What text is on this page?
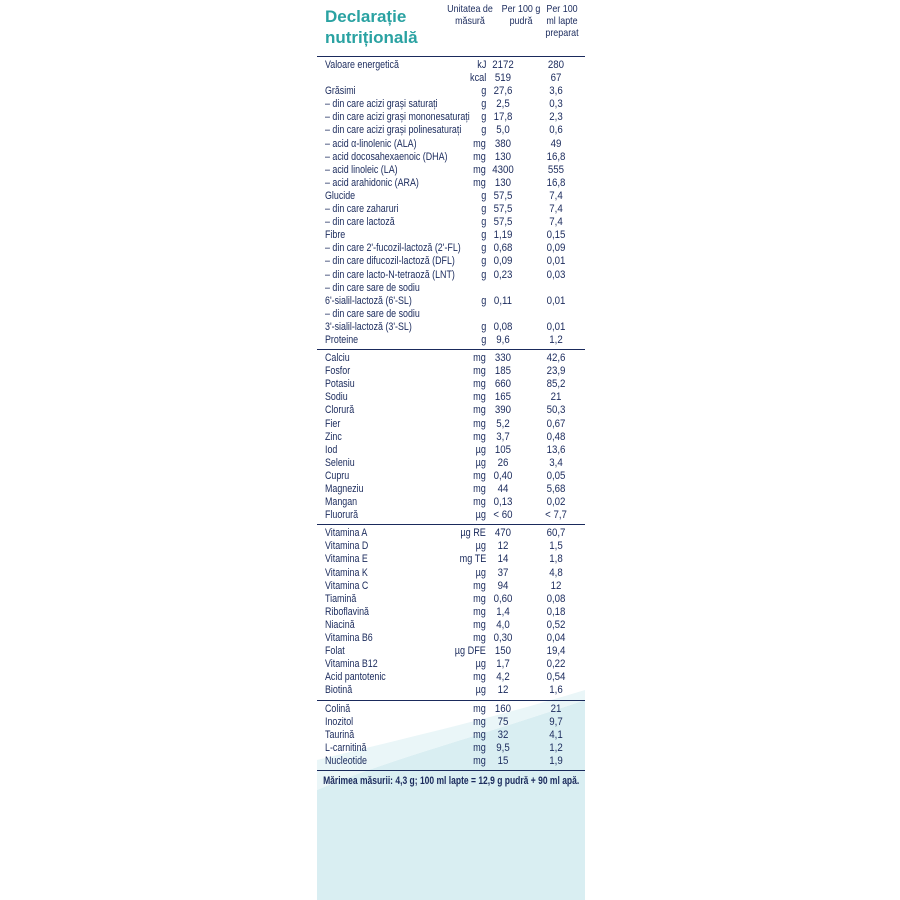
Declarație nutrițională
Unitatea de măsură
Per 100 g pudră
Per 100 ml lapte preparat
Valoare energetică	kJ 2172	280
kcal 519	67
Grăsimi	g 27,6	3,6
– din care acizi grași saturați	g 2,5	0,3
– din care acizi grași mononesaturați g 17,8	2,3
– din care acizi grași polinesaturați g 5,0	0,6
– acid α-linolenic (ALA)	mg 380	49
– acid docosahexaenoic (DHA) mg 130	16,8
– acid linoleic (LA)	mg 4300	555
– acid arahidonic (ARA)	mg 130	16,8
Glucide	g 57,5	7,4
– din care zaharuri	g 57,5	7,4
– din care lactoză	g 57,5	7,4
Fibre	g 1,19	0,15
– din care 2'-fucozil-lactoză (2'-FL) g 0,68	0,09
– din care difucozil-lactoză (DFL) g 0,09	0,01
– din care lacto-N-tetraoză (LNT) g 0,23	0,03
– din care sare de sodiu
6'-sialil-lactoză (6'-SL)	g 0,11	0,01
– din care sare de sodiu
3'-sialil-lactoză (3'-SL)	g 0,08	0,01
Proteine	g 9,6	1,2
Calciu	mg 330	42,6
Fosfor	mg 185	23,9
Potasiu	mg 660	85,2
Sodiu	mg 165	21
Clorură	mg 390	50,3
Fier	mg 5,2	0,67
Zinc	mg 3,7	0,48
Iod	µg 105	13,6
Seleniu	µg	26	3,4
Cupru	mg 0,40	0,05
Magneziu	mg	44	5,68
Mangan	mg 0,13	0,02
Fluorură	µg < 60	< 7,7
Vitamina A	µg RE 470	60,7
Vitamina D	µg	12	1,5
Vitamina E	mg TE	14	1,8
Vitamina K	µg	37	4,8
Vitamina C	mg	94	12
Tiamină	mg 0,60	0,08
Riboflavină	mg 1,4	0,18
Niacină	mg 4,0	0,52
Vitamina B6	mg 0,30	0,04
Folat	µg DFE 150	19,4
Vitamina B12	µg 1,7	0,22
Acid pantotenic	mg 4,2	0,54
Biotină	µg	12	1,6
Colină	mg 160	21
Inozitol	mg	75	9,7
Taurină	mg	32	4,1
L-carnitină	mg 9,5	1,2
Nucleotide	mg	15	1,9
Mărimea măsurii: 4,3 g; 100 ml lapte = 12,9 g pudră + 90 ml apă.
